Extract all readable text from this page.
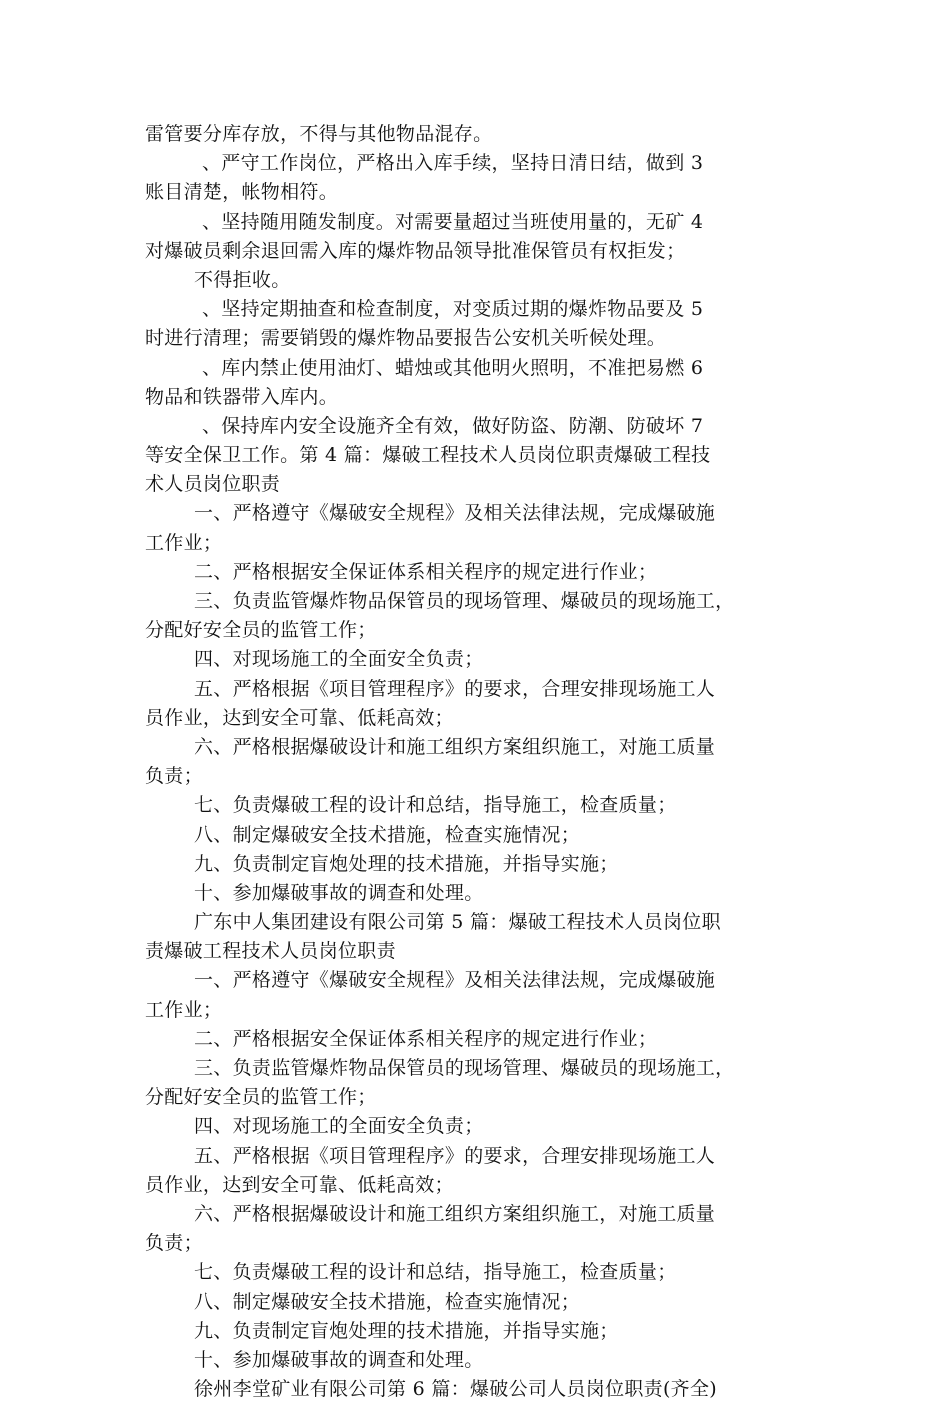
雷管要分库存放，不得与其他物品混存。
、严守工作岗位，严格出入库手续，坚持日清日结，做到 3
账目清楚，帐物相符。
、坚持随用随发制度。对需要量超过当班使用量的，无矿 4
对爆破员剩余退回需入库的爆炸物品领导批准保管员有权拒发；
不得拒收。
、坚持定期抽查和检查制度，对变质过期的爆炸物品要及 5
时进行清理；需要销毁的爆炸物品要报告公安机关听候处理。
、库内禁止使用油灯、蜡烛或其他明火照明，不准把易燃 6
物品和铁器带入库内。
、保持库内安全设施齐全有效，做好防盗、防潮、防破坏 7
等安全保卫工作。第 4 篇：爆破工程技术人员岗位职责爆破工程技
术人员岗位职责
一、严格遵守《爆破安全规程》及相关法律法规，完成爆破施
工作业；
二、严格根据安全保证体系相关程序的规定进行作业；
三、负责监管爆炸物品保管员的现场管理、爆破员的现场施工，
分配好安全员的监管工作；
四、对现场施工的全面安全负责；
五、严格根据《项目管理程序》的要求，合理安排现场施工人
员作业，达到安全可靠、低耗高效；
六、严格根据爆破设计和施工组织方案组织施工，对施工质量
负责；
七、负责爆破工程的设计和总结，指导施工，检查质量；
八、制定爆破安全技术措施，检查实施情况；
九、负责制定盲炮处理的技术措施，并指导实施；
十、参加爆破事故的调查和处理。
广东中人集团建设有限公司第 5 篇：爆破工程技术人员岗位职
责爆破工程技术人员岗位职责
一、严格遵守《爆破安全规程》及相关法律法规，完成爆破施
工作业；
二、严格根据安全保证体系相关程序的规定进行作业；
三、负责监管爆炸物品保管员的现场管理、爆破员的现场施工，
分配好安全员的监管工作；
四、对现场施工的全面安全负责；
五、严格根据《项目管理程序》的要求，合理安排现场施工人
员作业，达到安全可靠、低耗高效；
六、严格根据爆破设计和施工组织方案组织施工，对施工质量
负责；
七、负责爆破工程的设计和总结，指导施工，检查质量；
八、制定爆破安全技术措施，检查实施情况；
九、负责制定盲炮处理的技术措施，并指导实施；
十、参加爆破事故的调查和处理。
徐州李堂矿业有限公司第 6 篇：爆破公司人员岗位职责(齐全)
